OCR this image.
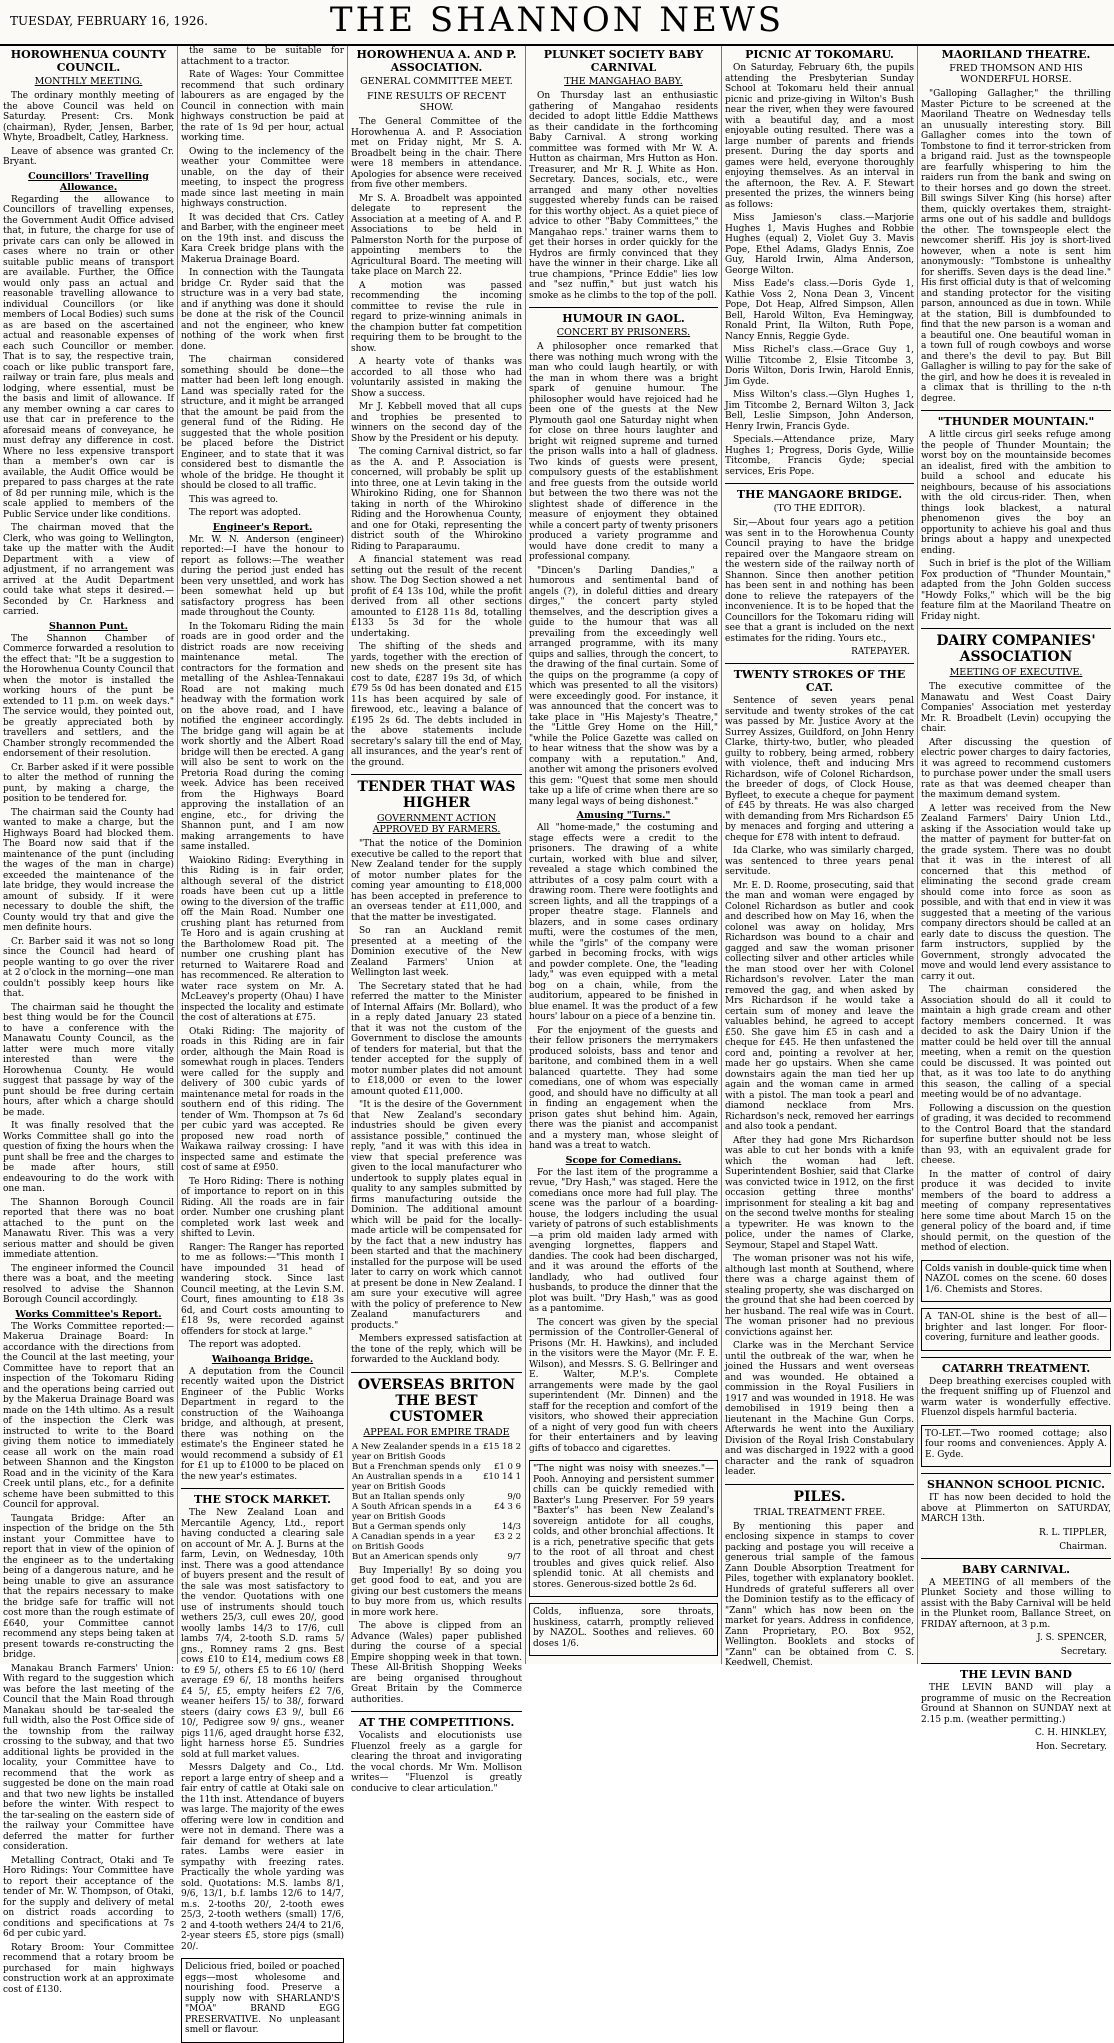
TUESDAY, FEBRUARY 16, 1926.	THE SHANNON NEWS
HOROWHENUA COUNTY COUNCIL.
MONTHLY MEETING.

The ordinary monthly meeting of the above Council was held on Saturday. Present: Crs. Monk (chairman), Ryder, Jensen, Barber, Whyte, Broadbelt, Catley, Harkness.

Leave of absence was granted Cr. Bryant.

Councillors' Travelling Allowance.

Regarding the allowance to Councillors of travelling expenses, the Government Audit Office advised that, in future, the charge for use of private cars can only be allowed in cases where no train or other suitable public means of transport are available. Further, the Office would only pass an actual and reasonable travelling allowance to individual Councillors (or like members of Local Bodies) such sums as are based on the ascertained actual and reasonable expenses of each such Councillor or member. That is to say, the respective train, coach or like public transport fare, railway or train fare, plus meals and lodging, where essential, must be the basis and limit of allowance. If any member owning a car cares to use that car in preference to the aforesaid means of conveyance, he must defray any difference in cost. Where no less expensive transport than a member's own car is available, the Audit Office would be prepared to pass charges at the rate of 8d per running mile, which is the scale applied to members of the Public Service under like conditions.

The chairman moved that the Clerk, who was going to Wellington, take up the matter with the Audit Department with a view of adjustment, if no arrangement was arrived at the Audit Department could take what steps it desired.—Seconded by Cr. Harkness and carried.

Shannon Punt.

The Shannon Chamber of Commerce forwarded a resolution to the effect that: "It be a suggestion to the Horowhenua County Council that when the motor is installed the working hours of the punt be extended to 11 p.m. on week days." The service would, they pointed out, be greatly appreciated both by travellers and settlers, and the Chamber strongly recommended the endorsement of their resolution.

Cr. Barber asked if it were possible to alter the method of running the punt, by making a charge, the position to be tendered for.

The chairman said the County had wanted to make a charge, but the Highways Board had blocked them. The Board now said that if the maintenance of the punt (including the wages of the man in charge) exceeded the maintenance of the late bridge, they would increase the amount of subsidy. If it were necessary to double the shift, the County would try that and give the men definite hours.

Cr. Barber said it was not so long since the Council had heard of people wanting to go over the river at 2 o'clock in the morning—one man couldn't possibly keep hours like that.

The chairman said he thought the best thing would be for the Council to have a conference with the Manawatu County Council, as the latter were much more vitally interested than were the Horowhenua County. He would suggest that passage by way of the punt should be free during certain hours, after which a charge should be made.

It was finally resolved that the Works Committee shall go into the question of fixing the hours when the punt shall be free and the charges to be made after hours, still endeavouring to do the work with one man.

The Shannon Borough Council reported that there was no boat attached to the punt on the Manawatu River. This was a very serious matter and should be given immediate attention.

The engineer informed the Council there was a boat, and the meeting resolved to advise the Shannon Borough Council accordingly.

Works Committee's Report.

The Works Committee reported:— Makerua Drainage Board: In accordance with the directions from the Council at the last meeting, your Committee have to report that an inspection of the Tokomaru Riding and the operations being carried out by the Makerua Drainage Board was made on the 14th ultimo. As a result of the inspection the Clerk was instructed to write to the Board giving them notice to immediately cease all work on the main road between Shannon and the Kingston Road and in the vicinity of the Kara Creek until plans, etc., for a definite scheme have been submitted to this Council for approval.

Taungata Bridge: After an inspection of the bridge on the 5th instant your Committee have to report that in view of the opinion of the engineer as to the undertaking being of a dangerous nature, and he being unable to give an assurance that the repairs necessary to make the bridge safe for traffic will not cost more than the rough estimate of £640, your Committee cannot recommend any steps being taken at present towards re-constructing the bridge.

Manakau Branch Farmers' Union: With regard to the suggestion which was before the last meeting of the Council that the Main Road through Manakau should be tar-sealed the full width, also the Post Office side of the township from the railway crossing to the subway, and that two additional lights be provided in the locality, your Committee have to recommend that the work as suggested be done on the main road and that two new lights be installed before the winter. With respect to the tar-sealing on the eastern side of the railway your Committee have deferred the matter for further consideration.

Metalling Contract, Otaki and Te Horo Ridings: Your Committee have to report their acceptance of the tender of Mr. W. Thompson, of Otaki, for the supply and delivery of metal on district roads according to conditions and specifications at 7s 6d per cubic yard.

Rotary Broom: Your Committee recommend that a rotary broom be purchased for main highways construction work at an approximate cost of £130.

the same to be suitable for attachment to a tractor.

Rate of Wages: Your Committee recommend that such ordinary labourers as are engaged by the Council in connection with main highways construction be paid at the rate of 1s 9d per hour, actual working time.

Owing to the inclemency of the weather your Committee were unable, on the day of their meeting, to inspect the progress made since last meeting in main highways construction.

It was decided that Crs. Catley and Barber, with the engineer meet on the 19th inst. and discuss the Kara Creek bridge plans with the Makerua Drainage Board.

In connection with the Taungata bridge Cr. Ryder said that the structure was in a very bad state, and if anything was done it should be done at the risk of the Council and not the engineer, who knew nothing of the work when first done.

The chairman considered something should be done—the matter had been left long enough. Land was specially rated for the structure, and it might be arranged that the amount be paid from the general fund of the Riding. He suggested that the whole position be placed before the District Engineer, and to state that it was considered best to dismantle the whole of the bridge. He thought it should be closed to all traffic.

This was agreed to.

The report was adopted.

Engineer's Report.

Mr. W. N. Anderson (engineer) reported:—I have the honour to report as follows:—The weather during the period just ended has been very unsettled, and work has been somewhat held up but satisfactory progress has been made throughout the County.

In the Tokomaru Riding the main roads are in good order and the district roads are now receiving maintenance metal. The contractors for the formation and metalling of the Ashlea-Tennakaui Road are not making much headway with the formation work on the above road, and I have notified the engineer accordingly. The bridge gang will again be at work shortly and the Albert Road bridge will then be erected. A gang will also be sent to work on the Pretoria Road during the coming week. Advice has been received from the Highways Board approving the installation of an engine, etc., for driving the Shannon punt, and I am now making arrangements to have same installed.

Waiokino Riding: Everything in this Riding is in fair order, although several of the district roads have been cut up a little owing to the diversion of the traffic off the Main Road. Number one crushing plant has returned from Te Horo and is again crushing at the Bartholomew Road pit. The number one crushing plant has returned to Waitarere Road and has recommenced. Re alteration to water race system on Mr. A. McLeavey's property (Ohau) I have inspected the locality and estimate the cost of alterations at £75.

Otaki Riding: The majority of roads in this Riding are in fair order, although the Main Road is somewhat rough in places. Tenders were called for the supply and delivery of 300 cubic yards of maintenance metal for roads in the southern end of this riding. The tender of Wm. Thompson at 7s 6d per cubic yard was accepted. Re proposed new road north of Waikawa railway crossing: I have inspected same and estimate the cost of same at £950.

Te Horo Riding: There is nothing of importance to report on in this Riding. All the roads are in fair order. Number one crushing plant completed work last week and shifted to Levin.

Ranger: The Ranger has reported to me as follows:—"This month I have impounded 31 head of wandering stock. Since last Council meeting, at the Levin S.M. Court, fines amounting to £18 3s 6d, and Court costs amounting to £18 9s, were recorded against offenders for stock at large."

The report was adopted.

Waihoanga Bridge.

A deputation from the Council recently waited upon the District Engineer of the Public Works Department in regard to the construction of the Waihoanga bridge, and although, at present, there was nothing on the estimate's the Engineer stated he would recommend a subsidy of £1 for £1 up to £1000 to be placed on the new year's estimates.

THE STOCK MARKET.

The New Zealand Loan and Mercantile Agency, Ltd., report having conducted a clearing sale on account of Mr. A. J. Burns at the farm, Levin, on Wednesday, 10th inst. There was a good attendance of buyers present and the result of the sale was most satisfactory to the vendor. Quotations with one use of instruments should touch wethers 25/3, cull ewes 20/, good woolly lambs 14/3 to 17/6, cull lambs 7/4, 2-tooth S.D. rams 5/ gns., Romney rams 2 gns. Best cows £10 to £14, medium cows £8 to £9 5/, others £5 to £6 10/ (herd average £9 6/, 18 months heifers £4 5/, £5, empty heifers £2 7/6, weaner heifers 15/ to 38/, forward steers (dairy cows £3 9/, bull £6 10/, Pedigree sow 9/ gns., weaner pigs 11/6, aged draught horse £32, light harness horse £5. Sundries sold at full market values.

Messrs Dalgety and Co., Ltd. report a large entry of sheep and a fair entry of cattle at Otaki sale on the 11th inst. Attendance of buyers was large. The majority of the ewes offering were low in condition and were not in demand. There was a fair demand for wethers at late rates. Lambs were easier in sympathy with freezing rates. Practically the whole yarding was sold. Quotations: M.S. lambs 8/1, 9/6, 13/1, b.f. lambs 12/6 to 14/7, m.s. 2-tooths 20/, 2-tooth ewes 25/3, 2-tooth wethers (small) 17/6, 2 and 4-tooth wethers 24/4 to 21/6, 2-year steers £5, store pigs (small) 20/.

Delicious fried, boiled or poached eggs—most wholesome and nourishing food. Preserve a supply now with SHARLAND'S "MOA" BRAND EGG PRESERVATIVE. No unpleasant smell or flavour.

HOROWHENUA A. AND P. ASSOCIATION.
GENERAL COMMITTEE MEET.
FINE RESULTS OF RECENT SHOW.

The General Committee of the Horowhenua A. and P. Association met on Friday night, Mr S. A. Broadbelt being in the chair. There were 18 members in attendance. Apologies for absence were received from five other members.

Mr S. A. Broadbelt was appointed delegate to represent the Association at a meeting of A. and P. Associations to be held in Palmerston North for the purpose of appointing members to the Agricultural Board. The meeting will take place on March 22.

A motion was passed recommending the incoming committee to revise the rule in regard to prize-winning animals in the champion butter fat competition requiring them to be brought to the show.

A hearty vote of thanks was accorded to all those who had voluntarily assisted in making the Show a success.

Mr J. Kebbell moved that all cups and trophies be presented to winners on the second day of the Show by the President or his deputy.

The coming Carnival district, so far as the A. and P. Association is concerned, will probably be split up into three, one at Levin taking in the Whirokino Riding, one for Shannon taking in north of the Whirokino Riding and the Horowhenua County, and one for Otaki, representing the district south of the Whirokino Riding to Paraparaumu.

A financial statement was read setting out the result of the recent show. The Dog Section showed a net profit of £4 13s 10d, while the profit derived from all other sections amounted to £128 11s 8d, totalling £133 5s 3d for the whole undertaking.

The shifting of the sheds and yards, together with the erection of new sheds on the present site has cost to date, £287 19s 3d, of which £79 5s 0d has been donated and £15 11s has been acquired by sale of firewood, etc., leaving a balance of £195 2s 6d. The debts included in the above statements include secretary's salary till the end of May, all insurances, and the year's rent of the ground.

TENDER THAT WAS HIGHER
GOVERNMENT ACTION APPROVED BY FARMERS.

"That the notice of the Dominion executive be called to the report that New Zealand tender for the supply of motor number plates for the coming year amounting to £18,000 has been accepted in preference to an overseas tender at £11,000, and that the matter be investigated.

So ran an Auckland remit presented at a meeting of the Dominion executive of the New Zealand Farmers' Union at Wellington last week.

The Secretary stated that he had referred the matter to the Minister of Internal Affairs (Mr. Bollard), who in a reply dated January 23 stated that it was not the custom of the Government to disclose the amounts of tenders for material, but that the tender accepted for the supply of motor number plates did not amount to £18,000 or even to the lower amount quoted £11,000.

"It is the desire of the Government that New Zealand's secondary industries should be given every assistance possible," continued the reply, "and it was with this idea in view that special preference was given to the local manufacturer who undertook to supply plates equal in quality to any samples submitted by firms manufacturing outside the Dominion. The additional amount which will be paid for the locally-made article will be compensated for by the fact that a new industry has been started and that the machinery installed for the purpose will be used later to carry on work which cannot at present be done in New Zealand. I am sure your executive will agree with the policy of preference to New Zealand manufacturers and products."

Members expressed satisfaction at the tone of the reply, which will be forwarded to the Auckland body.

OVERSEAS BRITON THE BEST CUSTOMER
APPEAL FOR EMPIRE TRADE
A New Zealander spends in a year on British Goods	£15 18 2
But a Frenchman spends only	£1 0 9
An Australian spends in a year on British Goods	£10 14 1
But an Italian spends only	9/0
A South African spends in a year on British Goods	£4 3 6
But a German spends only	14/3
A Canadian spends in a year on British Goods	£3 2 2
But an American spends only	9/7

Buy Imperially! By so doing you get good food to eat, and you are giving our best customers the means to buy more from us, which results in more work here.

The above is clipped from an Advance (Wales) paper published during the course of a special Empire shopping week in that town. These All-British Shopping Weeks are being organised throughout Great Britain by the Commerce authorities.

AT THE COMPETITIONS.

Vocalists and elocutionists use Fluenzol freely as a gargle for clearing the throat and invigorating the vocal chords. Mr Wm. Mollison writes— "Fluenzol is greatly conducive to clear articulation."

PLUNKET SOCIETY BABY CARNIVAL
THE MANGAHAO BABY.

On Thursday last an enthusiastic gathering of Mangahao residents decided to adopt little Eddie Matthews as their candidate in the forthcoming Baby Carnival. A strong working committee was formed with Mr W. A. Hutton as chairman, Mrs Hutton as Hon. Treasurer, and Mr R. J. White as Hon. Secretary. Dances, socials, etc., were arranged and many other novelties suggested whereby funds can be raised for this worthy object. As a quiet piece of advice to other "Baby Committees," the Mangahao reps.' trainer warns them to get their horses in order quickly for the Hydros are firmly convinced that they have the winner in their charge. Like all true champions, "Prince Eddie" lies low and "sez nuffin," but just watch his smoke as he climbs to the top of the poll.

HUMOUR IN GAOL.
CONCERT BY PRISONERS.

A philosopher once remarked that there was nothing much wrong with the man who could laugh heartily, or with the man in whom there was a bright spark of genuine humour. The philosopher would have rejoiced had he been one of the guests at the New Plymouth gaol one Saturday night when for close on three hours laughter and bright wit reigned supreme and turned the prison walls into a hall of gladness. Two kinds of guests were present, compulsory guests of the establishment and free guests from the outside world but between the two there was not the slightest shade of difference in the measure of enjoyment they obtained while a concert party of twenty prisoners produced a variety programme and would have done credit to many a professional company.

"Dincen's Darling Dandies," a humorous and sentimental band of angels (?), in doleful ditties and dreary dirges," the concert party styled themselves, and the description gives a guide to the humour that was all prevailing from the exceedingly well arranged programme, with its many quips and sallies, through the concert, to the drawing of the final curtain. Some of the quips on the programme (a copy of which was presented to all the visitors) were exceedingly good. For instance, it was announced that the concert was to take place in "His Majesty's Theatre," the "Little Grey Home on the Hill," "while the Police Gazette was called on to hear witness that the show was by a company with a reputation." And, another wit among the prisoners evolved this gem: "Quest that some men should take up a life of crime when there are so many legal ways of being dishonest."

Amusing "Turns."

All "home-made," the costuming and stage effects were a credit to the prisoners. The drawing of a white curtain, worked with blue and silver, revealed a stage which combined the attributes of a cosy palm court with a drawing room. There were footlights and screen lights, and all the trappings of a proper theatre stage. Flannels and blazers, and in some cases ordinary mufti, were the costumes of the men, while the "girls" of the company were garbed in becoming frocks, with wigs and powder complete. One, the "leading lady," was even equipped with a metal bog on a chain, while, from the auditorium, appeared to be finished in blue enamel. It was the product of a few hours' labour on a piece of a benzine tin.

For the enjoyment of the guests and their fellow prisoners the merrymakers produced soloists, bass and tenor and baritone, and combined them in a well balanced quartette. They had some comedians, one of whom was especially good, and should have no difficulty at all in finding an engagement when the prison gates shut behind him. Again, there was the pianist and accompanist and a mystery man, whose sleight of hand was a treat to watch.

Scope for Comedians.

For the last item of the programme a revue, "Dry Hash," was staged. Here the comedians once more had full play. The scene was the parlour of a boarding-house, the lodgers including the usual variety of patrons of such establishments—a prim old maiden lady armed with avenging lorgnettes, flappers and dandies. The cook had been discharged, and it was around the efforts of the landlady, who had outlived four husbands, to produce the dinner that the plot was built. "Dry Hash," was as good as a pantomime.

The concert was given by the special permission of the Controller-General of Prisons (Mr. H. Hawkins), and included in the visitors were the Mayor (Mr. F. E. Wilson), and Messrs. S. G. Bellringer and E. Walter, M.P.'s. Complete arrangements were made by the gaol superintendent (Mr. Dinnen) and the staff for the reception and comfort of the visitors, who showed their appreciation of a night of very good fun with cheers for their entertainers and by leaving gifts of tobacco and cigarettes.

"The night was noisy with sneezes."—Pooh. Annoying and persistent summer chills can be quickly remedied with Baxter's Lung Preserver. For 59 years "Baxter's" has been New Zealand's sovereign antidote for all coughs, colds, and other bronchial affections. It is a rich, penetrative specific that gets to the root of all throat and chest troubles and gives quick relief. Also splendid tonic. At all chemists and stores. Generous-sized bottle 2s 6d.

Colds, influenza, sore throats, huskiness, catarrh, promptly relieved by NAZOL. Soothes and relieves. 60 doses 1/6.

PICNIC AT TOKOMARU.

On Saturday, February 6th, the pupils attending the Presbyterian Sunday School at Tokomaru held their annual picnic and prize-giving in Wilton's Bush near the river, when they were favoured with a beautiful day, and a most enjoyable outing resulted. There was a large number of parents and friends present. During the day sports and games were held, everyone thoroughly enjoying themselves. As an interval in the afternoon, the Rev. A. F. Stewart presented the prizes, the winners being as follows:

Miss Jamieson's class.—Marjorie Hughes 1, Mavis Hughes and Robbie Hughes (equal) 2, Violet Guy 3. Mavis Pope, Ethel Adams, Gladys Ennis, Zoe Guy, Harold Irwin, Alma Anderson, George Wilton.

Miss Eade's class.—Doris Gyde 1, Kathie Voss 2, Nona Dean 3, Vincent Pope, Dot Heap, Alfred Simpson, Allen Bell, Harold Wilton, Eva Hemingway, Ronald Print, Ila Wilton, Ruth Pope, Nancy Ennis, Reggie Gyde.

Miss Richel's class.—Grace Guy 1, Willie Titcombe 2, Elsie Titcombe 3, Doris Wilton, Doris Irwin, Harold Ennis, Jim Gyde.

Miss Wilton's class.—Glyn Hughes 1, Jim Titcombe 2, Bernard Wilton 3, Jack Bell, Leslie Simpson, John Anderson, Henry Irwin, Francis Gyde.

Specials.—Attendance prize, Mary Hughes 1; Progress, Doris Gyde, Willie Titcombe, Francis Gyde; special services, Eris Pope.

THE MANGAORE BRIDGE.
(TO THE EDITOR).

Sir,—About four years ago a petition was sent in to the Horowhenua County Council praying to have the bridge repaired over the Mangaore stream on the western side of the railway north of Shannon. Since then another petition has been sent in and nothing has been done to relieve the ratepayers of the inconvenience. It is to be hoped that the Councillors for the Tokomaru riding will see that a grant is included on the next estimates for the riding. Yours etc.,

RATEPAYER.
TWENTY STROKES OF THE CAT.

Sentence of seven years penal servitude and twenty strokes of the cat was passed by Mr. Justice Avory at the Surrey Assizes, Guildford, on John Henry Clarke, thirty-two, butler, who pleaded guilty to robbery, being armed, robbery with violence, theft and inducing Mrs Richardson, wife of Colonel Richardson, the breeder of dogs, of Clock House, Byfleet, to execute a cheque for payment of £45 by threats. He was also charged with demanding from Mrs Richardson £5 by menaces and forging and uttering a cheque for £78 with intent to defraud.

Ida Clarke, who was similarly charged, was sentenced to three years penal servitude.

Mr. E. D. Roome, prosecuting, said that the man and woman were engaged by Colonel Richardson as butler and cook and described how on May 16, when the colonel was away on holiday, Mrs Richardson was bound to a chair and gagged and saw the woman prisoner collecting silver and other articles while the man stood over her with Colonel Richardson's revolver. Later the man removed the gag, and when asked by Mrs Richardson if he would take a certain sum of money and leave the valuables behind, he agreed to accept £50. She gave him £5 in cash and a cheque for £45. He then unfastened the cord and, pointing a revolver at her, made her go upstairs. When she came downstairs again the man tied her up again and the woman came in armed with a pistol. The man took a pearl and diamond necklace from Mrs. Richardson's neck, removed her earrings and also took a pendant.

After they had gone Mrs Richardson was able to cut her bonds with a knife which the woman had left. Superintendent Boshier, said that Clarke was convicted twice in 1912, on the first occasion getting three months' imprisonment for stealing a kit bag and on the second twelve months for stealing a typewriter. He was known to the police, under the names of Clarke, Seymour, Stapel and Stapel Watt.

The woman prisoner was not his wife, although last month at Southend, where there was a charge against them of stealing property, she was discharged on the ground that she had been coerced by her husband. The real wife was in Court. The woman prisoner had no previous convictions against her.

Clarke was in the Merchant Service until the outbreak of the war, when he joined the Hussars and went overseas and was wounded. He obtained a commission in the Royal Fusiliers in 1917 and was wounded in 1918. He was demobilised in 1919 being then a lieutenant in the Machine Gun Corps. Afterwards he went into the Auxiliary Division of the Royal Irish Constabulary and was discharged in 1922 with a good character and the rank of squadron leader.

PILES.
TRIAL TREATMENT FREE.

By mentioning this paper and enclosing sixpence in stamps to cover packing and postage you will receive a generous trial sample of the famous Zann Double Absorption Treatment for Piles, together with explanatory booklet. Hundreds of grateful sufferers all over the Dominion testify as to the efficacy of "Zann" which has now been on the market for years. Address in confidence, Zann Proprietary, P.O. Box 952, Wellington. Booklets and stocks of "Zann" can be obtained from C. S. Keedwell, Chemist.

MAORILAND THEATRE.
FRED THOMSON AND HIS WONDERFUL HORSE.

"Galloping Gallagher," the thrilling Master Picture to be screened at the Maoriland Theatre on Wednesday tells an unusually interesting story. Bill Gallagher comes into the town of Tombstone to find it terror-stricken from a brigand raid. Just as the townspeople are fearfully whispering to him the raiders run from the bank and swing on to their horses and go down the street. Bill swings Silver King (his horse) after them, quickly overtakes them, straight-arms one out of his saddle and bulldogs the other. The townspeople elect the newcomer sheriff. His joy is short-lived however, when a note is sent him anonymously: "Tombstone is unhealthy for sheriffs. Seven days is the dead line." His first official duty is that of welcoming and standing protector for the visiting parson, announced as due in town. While at the station, Bill is dumbfounded to find that the new parson is a woman and a beautiful one. One beautiful woman in a town full of rough cowboys and worse and there's the devil to pay. But Bill Gallagher is willing to pay for the sake of the girl, and how he does it is revealed in a climax that is thrilling to the n-th degree.

"THUNDER MOUNTAIN."

A little circus girl seeks refuge among the people of Thunder Mountain; the worst boy on the mountainside becomes an idealist, fired with the ambition to build a school and educate his neighbours, because of his associations with the old circus-rider. Then, when things look blackest, a natural phenomenon gives the boy an opportunity to achieve his goal and thus brings about a happy and unexpected ending.

Such in brief is the plot of the William Fox production of "Thunder Mountain," adapted from the John Golden success "Howdy Folks," which will be the big feature film at the Maoriland Theatre on Friday night.

DAIRY COMPANIES' ASSOCIATION
MEETING OF EXECUTIVE.

The executive committee of the Manawatu and West Coast Dairy Companies' Association met yesterday Mr. R. Broadbelt (Levin) occupying the chair.

After discussing the question of electric power charges to dairy factories, it was agreed to recommend customers to purchase power under the small users rate as that was deemed cheaper than the maximum demand system.

A letter was received from the New Zealand Farmers' Dairy Union Ltd., asking if the Association would take up the matter of payment for butter-fat on the grade system. There was no doubt that it was in the interest of all concerned that this method of eliminating the second grade cream should come into force as soon as possible, and with that end in view it was suggested that a meeting of the various company directors should be called at an early date to discuss the question. The farm instructors, supplied by the Government, strongly advocated the move and would lend every assistance to carry it out.

The chairman considered the Association should do all it could to maintain a high grade cream and other factory members concerned. It was decided to ask the Dairy Union if the matter could be held over till the annual meeting, when a remit on the question could be discussed. It was pointed out that, as it was too late to do anything this season, the calling of a special meeting would be of no advantage.

Following a discussion on the question of grading, it was decided to recommend to the Control Board that the standard for superfine butter should not be less than 93, with an equivalent grade for cheese.

In the matter of control of dairy produce it was decided to invite members of the board to address a meeting of company representatives here some time about March 15 on the general policy of the board and, if time should permit, on the question of the method of election.

Colds vanish in double-quick time when NAZOL comes on the scene. 60 doses 1/6. Chemists and Stores.

A TAN-OL shine is the best of all— brighter and last longer. For floor-covering, furniture and leather goods.

CATARRH TREATMENT.

Deep breathing exercises coupled with the frequent sniffing up of Fluenzol and warm water is wonderfully effective. Fluenzol dispels harmful bacteria.

TO-LET.—Two roomed cottage; also four rooms and conveniences. Apply A. E. Gyde.

SHANNON SCHOOL PICNIC.

IT has now been decided to hold the above at Plimmerton on SATURDAY, MARCH 13th.

R. L. TIPPLER,
Chairman.
BABY CARNIVAL.

A MEETING of all members of the Plunket Society and those willing to assist with the Baby Carnival will be held in the Plunket room, Ballance Street, on FRIDAY afternoon, at 3 p.m.

J. S. SPENCER,
Secretary.
THE LEVIN BAND

THE LEVIN BAND will play a programme of music on the Recreation Ground at Shannon on SUNDAY next at 2.15 p.m. (weather permitting.)

C. H. HINKLEY,
Hon. Secretary.
